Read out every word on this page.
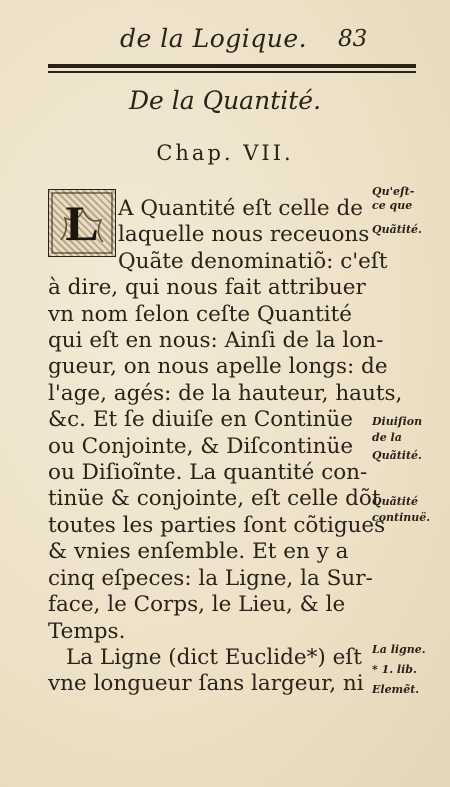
de la Logique. 83
De la Quantité.
Chap. VII.
L A Quantité eſt celle de
laquelle nous receuons
Quãte denominatiõ: c'eſt
à dire, qui nous fait attribuer
vn nom ſelon ceſte Quantité
qui eſt en nous: Ainſi de la lon-
gueur, on nous apelle longs: de
l'age, agés: de la hauteur, hauts,
&c. Et ſe diuiſe en Continüe
ou Conjointe, & Diſcontinüe
ou Diſioĩnte. La quantité con-
tinüe & conjointe, eſt celle dõt
toutes les parties ſont cõtigues
& vnies enſemble. Et en y a
cinq eſpeces: la Ligne, la Sur-
face, le Corps, le Lieu, & le
Temps.
La Ligne (dict Euclide*) eſt
vne longueur ſans largeur, ni
Qu'eſt-
ce que
Quãtité.
Diuiſion
de la
Quãtité.
Quãtité
continuë.
La ligne.
* 1. lib.
Elemẽt.
